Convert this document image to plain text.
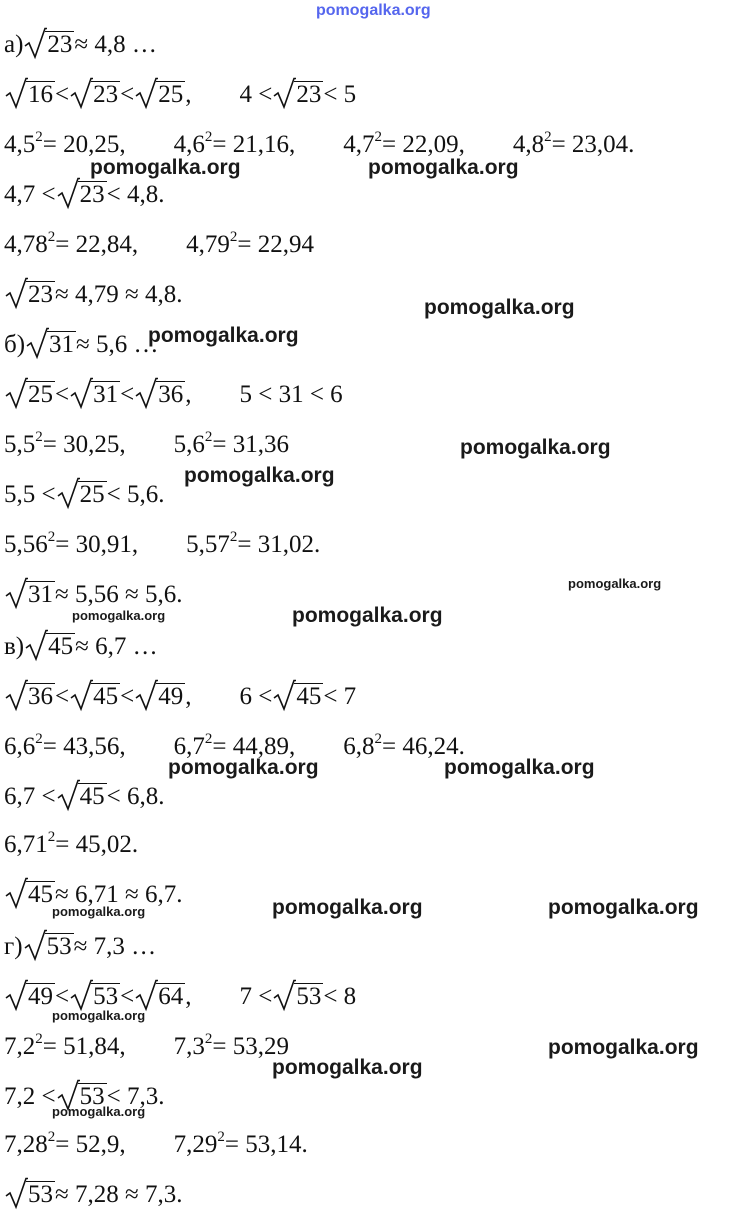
а)
23≈ 4,8 …
16<
23<
25, 4 <
23< 5
$4,5^2= 20,25$, $4,6^2= 21,16$, $4,7^2= 22,09$, $4,8^2= 23,04$.
4,7 <
23< 4,8.
$4,78^2= 22,84$, $4,79^2= 22,94$
23≈ 4,79 ≈ 4,8.
б)
31≈ 5,6 …
25<
31<
36, 5 < 31 < 6
$5,5^2= 30,25$, $5,6^2= 31,36$
5,5 <
25< 5,6.
$5,56^2= 30,91$, $5,57^2= 31,02$.
31≈ 5,56 ≈ 5,6.
в)
45≈ 6,7 …
36<
45<
49, 6 <
45< 7
$6,6^2= 43,56$, $6,7^2= 44,89$, $6,8^2= 46,24$.
6,7 <
45< 6,8.
$6,71^2= 45,02$.
45≈ 6,71 ≈ 6,7.
г)
53≈ 7,3 …
49<
53<
64, 7 <
53< 8
$7,2^2= 51,84$, $7,3^2= 53,29$
7,2 <
53< 7,3.
$7,28^2= 52,9$, $7,29^2= 53,14$.
53≈ 7,28 ≈ 7,3.
pomogalka.org
pomogalka.org	pomogalka.org
pomogalka.org
pomogalka.org
pomogalka.org
pomogalka.org
pomogalka.org
pomogalka.org	pomogalka.org
pomogalka.org	pomogalka.org
pomogalka.org	pomogalka.org	pomogalka.org
pomogalka.org
pomogalka.org
pomogalka.org
pomogalka.org
